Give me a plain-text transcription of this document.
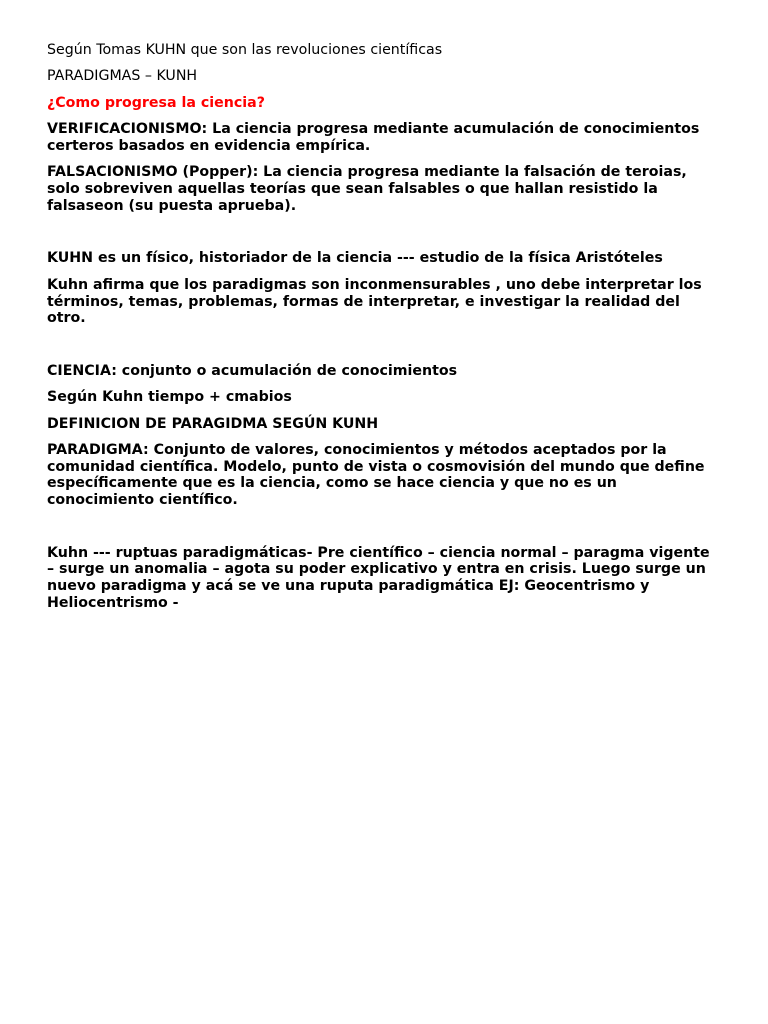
Según Tomas KUHN que son las revoluciones científicas

PARADIGMAS – KUNH

¿Como progresa la ciencia?

VERIFICACIONISMO: La ciencia progresa mediante acumulación de conocimientos certeros basados en evidencia empírica.

FALSACIONISMO (Popper): La ciencia progresa mediante la falsación de teroias, solo sobreviven aquellas teorías que sean falsables o que hallan resistido la falsaseon (su puesta aprueba).

KUHN es un físico, historiador de la ciencia --- estudio de la física Aristóteles

Kuhn afirma que los paradigmas son inconmensurables , uno debe interpretar los términos, temas, problemas, formas de interpretar, e investigar la realidad del otro.

CIENCIA: conjunto o acumulación de conocimientos

Según Kuhn tiempo + cmabios

DEFINICION DE PARAGIDMA SEGÚN KUNH

PARADIGMA: Conjunto de valores, conocimientos y métodos aceptados por la comunidad científica. Modelo, punto de vista o cosmovisión del mundo que define específicamente que es la ciencia, como se hace ciencia y que no es un conocimiento científico.

Kuhn --- ruptuas paradigmáticas- Pre científico – ciencia normal – paragma vigente – surge un anomalia – agota su poder explicativo y entra en crisis. Luego surge un nuevo paradigma y acá se ve una ruputa paradigmática EJ: Geocentrismo y Heliocentrismo -
